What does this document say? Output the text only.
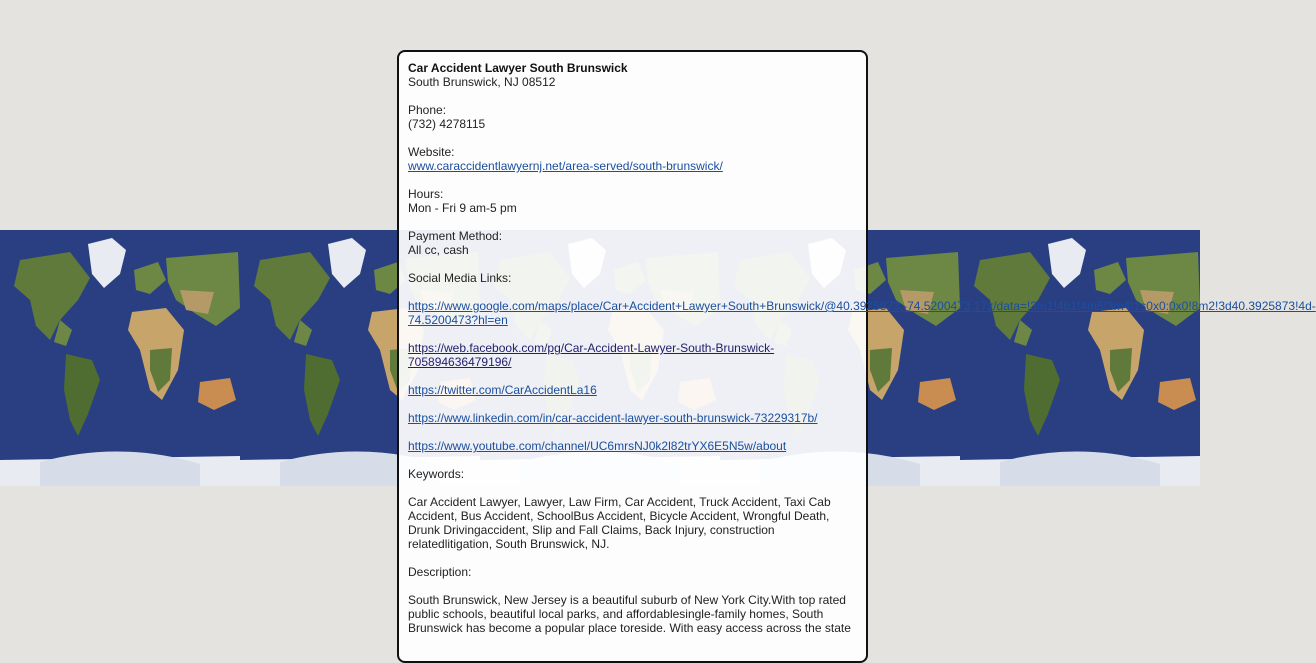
Car Accident Lawyer South Brunswick
South Brunswick, NJ 08512
Phone:
(732) 4278115
Website:
www.caraccidentlawyernj.net/area-served/south-brunswick/
Hours:
Mon - Fri 9 am-5 pm
Payment Method:
All cc, cash
Social Media Links:
https://www.google.com/maps/place/Car+Accident+Lawyer+South+Brunswick/@40.3925873,-74.5200473,17z/data=!3m1!4b1!4m5!3m4!1s0x0:0x0!8m2!3d40.3925873!4d-
74.5200473?hl=en
https://web.facebook.com/pg/Car-Accident-Lawyer-South-Brunswick-
705894636479196/
https://twitter.com/CarAccidentLa16
https://www.linkedin.com/in/car-accident-lawyer-south-brunswick-73229317b/
https://www.youtube.com/channel/UC6mrsNJ0k2l82trYX6E5N5w/about
Keywords:
Car Accident Lawyer, Lawyer, Law Firm, Car Accident, Truck Accident, Taxi Cab Accident, Bus Accident, SchoolBus Accident, Bicycle Accident, Wrongful Death, Drunk Drivingaccident, Slip and Fall Claims, Back Injury, construction relatedlitigation, South Brunswick, NJ.
Description:
South Brunswick, New Jersey is a beautiful suburb of New York City.With top rated public schools, beautiful local parks, and affordablesingle-family homes, South Brunswick has become a popular place toreside. With easy access across the state
